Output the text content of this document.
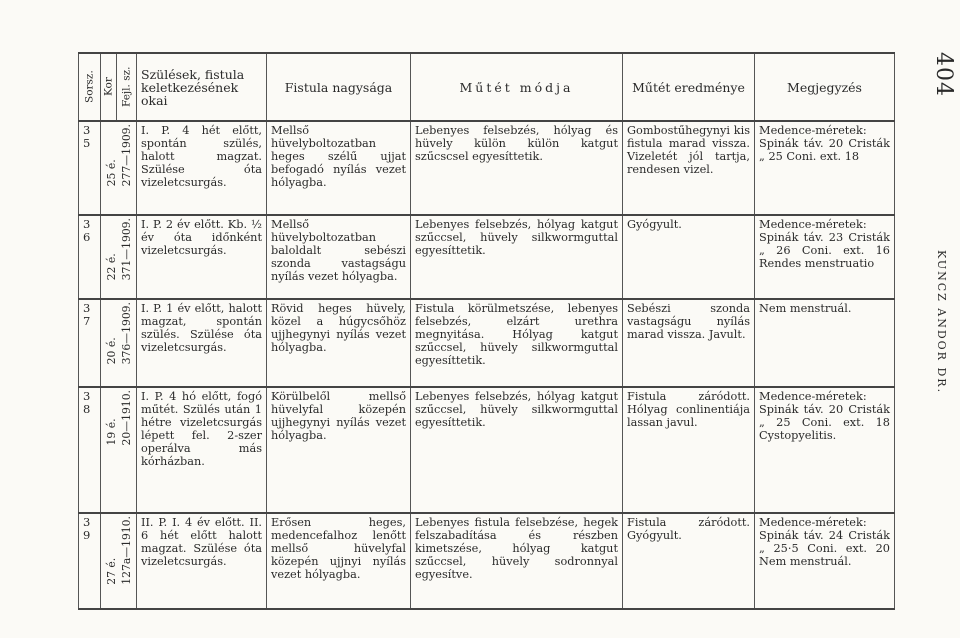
404
KUNCZ ANDOR DR.
Sorsz.	Kor	Fejl. sz.	Szülések, fistula keletkezésének okai	Fistula nagysága	Műtét módja	Műtét eredménye	Megjegyzés
35	25 é. 277—1909.		I. P. 4 hét előtt, spontán szülés, halott magzat. Szülése óta vizeletcsurgás.	Mellső hüvelyboltozatban heges szélű ujjat befogadó nyílás vezet hólyagba.	Lebenyes felsebzés, hólyag és hüvely külön külön katgut szűcscsel egyesíttetik.	Gombostűhegynyi kis fistula marad vissza. Vizeletét jól tartja, rendesen vizel.	Medence-méretek: Spinák táv. 20 Cristák „ 25 Coni. ext. 18

36	22 é. 371—1909.		I. P. 2 év előtt. Kb. ½ év óta időnként vizeletcsurgás.	Mellső hüvelyboltozatban baloldalt sebészi szonda vastagságu nyílás vezet hólyagba.	Lebenyes felsebzés, hólyag katgut szűccsel, hüvely silkwormguttal egyesíttetik.	Gyógyult.	Medence-méretek: Spinák táv. 23 Cristák „ 26 Coni. ext. 16 Rendes menstruatio

37	20 é. 376—1909.		I. P. 1 év előtt, halott magzat, spontán szülés. Szülése óta vizeletcsurgás.	Rövid heges hüvely, közel a húgycsőhöz ujjhegynyi nyílás vezet hólyagba.	Fistula körülmetszése, lebenyes felsebzés, elzárt urethra megnyitása. Hólyag katgut szűccsel, hüvely silkwormguttal egyesíttetik.	Sebészi szonda vastagságu nyílás marad vissza. Javult.	Nem menstruál.

38	19 é. 20—1910.		I. P. 4 hó előtt, fogó műtét. Szülés után 1 hétre vizeletcsurgás lépett fel. 2-szer operálva más kórházban.	Körülbelől mellső hüvelyfal közepén ujjhegynyi nyílás vezet hólyagba.	Lebenyes felsebzés, hólyag katgut szűccsel, hüvely silkwormguttal egyesíttetik.	Fistula záródott. Hólyag conlinentiája lassan javul.	Medence-méretek: Spinák táv. 20 Cristák „ 25 Coni. ext. 18 Cystopyelitis.

39	27 é. 127a—1910.		II. P. I. 4 év előtt. II. 6 hét előtt halott magzat. Szülése óta vizeletcsurgás.	Erősen heges, medencefalhoz lenőtt mellső hüvelyfal közepén ujjnyi nyílás vezet hólyagba.	Lebenyes fistula felsebzése, hegek felszabadítása és részben kimetszése, hólyag katgut szűccsel, hüvely sodronnyal egyesítve.	Fistula záródott. Gyógyult.	Medence-méretek: Spinák táv. 24 Cristák „ 25·5 Coni. ext. 20 Nem menstruál.
